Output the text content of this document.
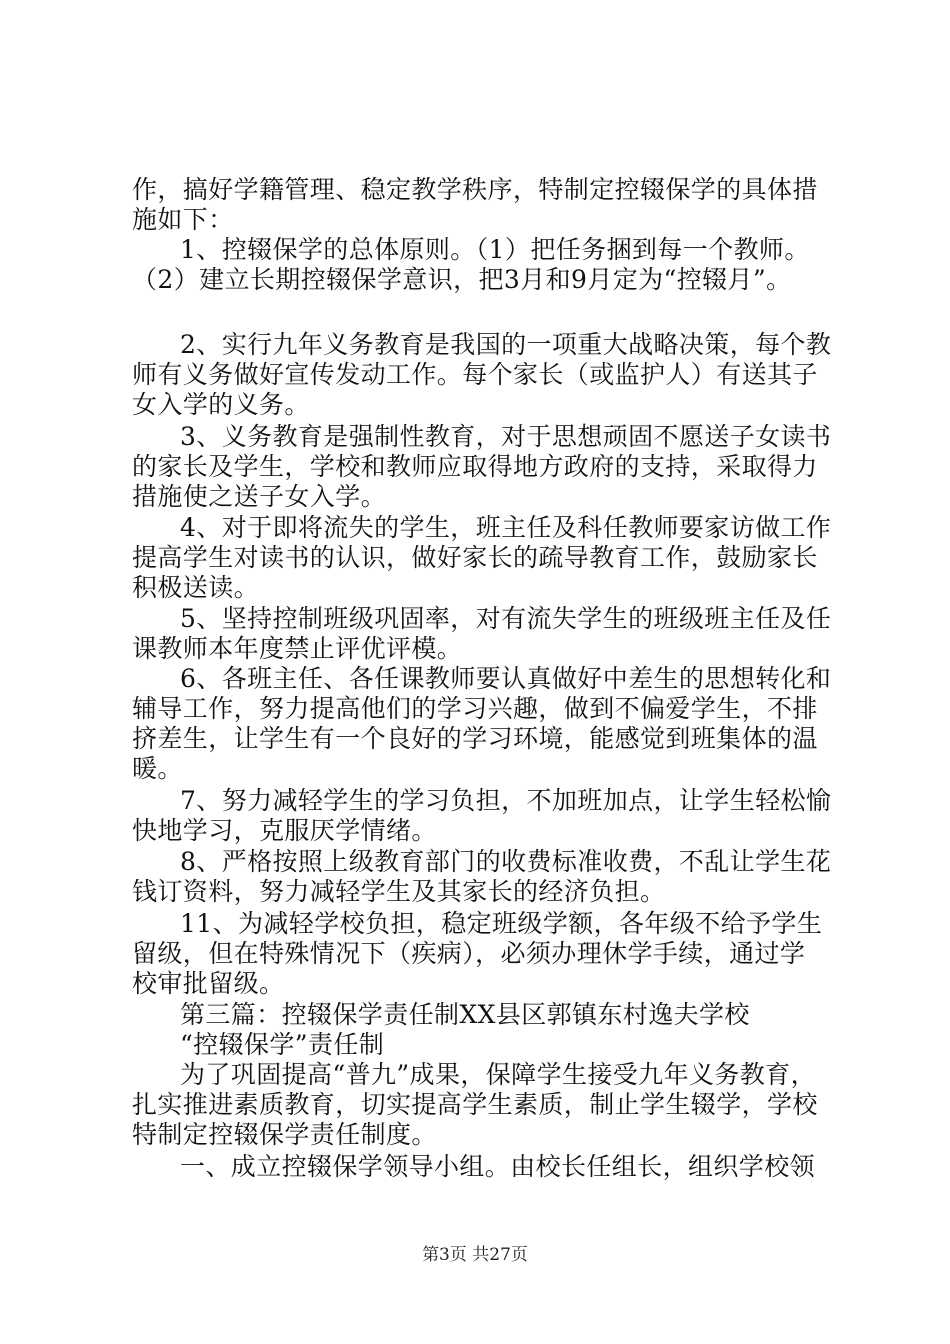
作，搞好学籍管理、稳定教学秩序，特制定控辍保学的具体措
施如下：
1、控辍保学的总体原则。（1）把任务捆到每一个教师。
（2）建立长期控辍保学意识，把3月和9月定为“控辍月”。
2、实行九年义务教育是我国的一项重大战略决策，每个教
师有义务做好宣传发动工作。每个家长（或监护人）有送其子
女入学的义务。
3、义务教育是强制性教育，对于思想顽固不愿送子女读书
的家长及学生，学校和教师应取得地方政府的支持，采取得力
措施使之送子女入学。
4、对于即将流失的学生，班主任及科任教师要家访做工作
提高学生对读书的认识，做好家长的疏导教育工作，鼓励家长
积极送读。
5、坚持控制班级巩固率，对有流失学生的班级班主任及任
课教师本年度禁止评优评模。
6、各班主任、各任课教师要认真做好中差生的思想转化和
辅导工作，努力提高他们的学习兴趣，做到不偏爱学生，不排
挤差生，让学生有一个良好的学习环境，能感觉到班集体的温
暖。
7、努力减轻学生的学习负担，不加班加点，让学生轻松愉
快地学习，克服厌学情绪。
8、严格按照上级教育部门的收费标准收费，不乱让学生花
钱订资料，努力减轻学生及其家长的经济负担。
11、为减轻学校负担，稳定班级学额，各年级不给予学生
留级，但在特殊情况下（疾病），必须办理休学手续，通过学
校审批留级。
第三篇：控辍保学责任制XX县区郭镇东村逸夫学校
“控辍保学”责任制
为了巩固提高“普九”成果，保障学生接受九年义务教育，
扎实推进素质教育，切实提高学生素质，制止学生辍学，学校
特制定控辍保学责任制度。
一、成立控辍保学领导小组。由校长任组长，组织学校领
第3页 共27页
